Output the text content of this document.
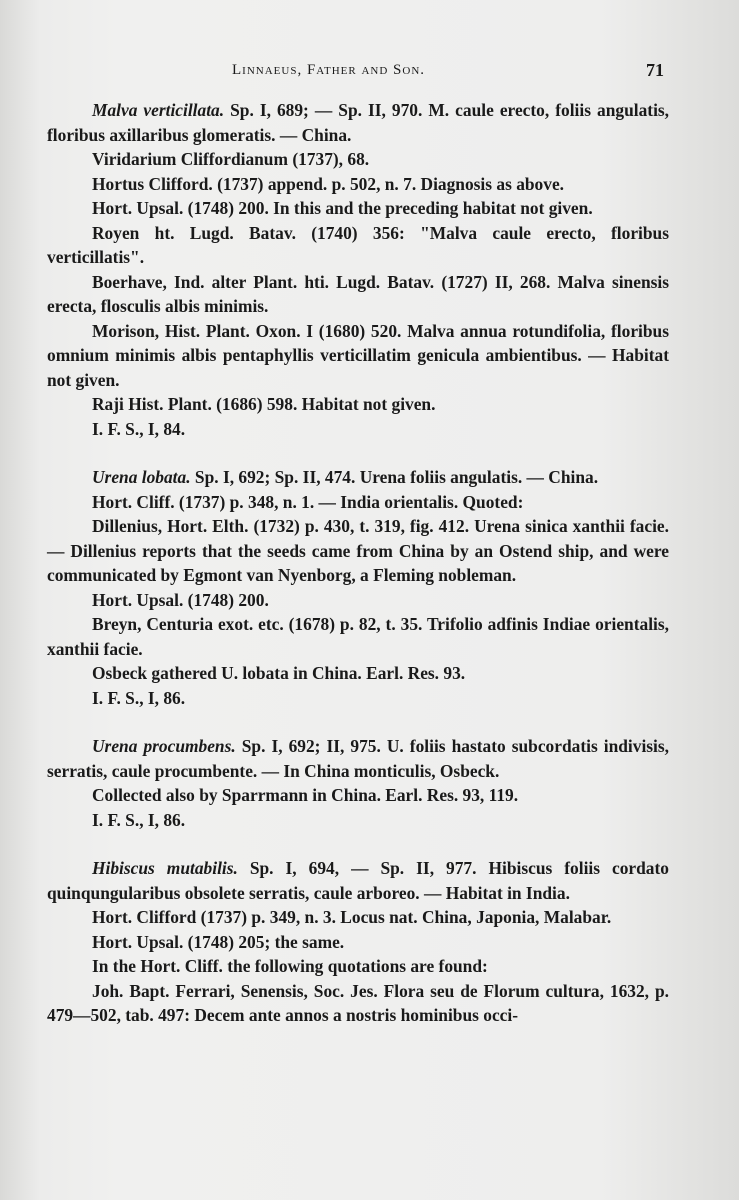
Linnaeus, Father and Son.	71

Malva verticillata. Sp. I, 689; — Sp. II, 970. M. caule erecto, foliis angulatis, floribus axillaribus glomeratis. — China.

Viridarium Cliffordianum (1737), 68.

Hortus Clifford. (1737) append. p. 502, n. 7. Diagnosis as above.

Hort. Upsal. (1748) 200. In this and the preceding habitat not given.

Royen ht. Lugd. Batav. (1740) 356: "Malva caule erecto, floribus verticillatis".

Boerhave, Ind. alter Plant. hti. Lugd. Batav. (1727) II, 268. Malva sinensis erecta, flosculis albis minimis.

Morison, Hist. Plant. Oxon. I (1680) 520. Malva annua rotundifolia, floribus omnium minimis albis pentaphyllis verticillatim genicula ambientibus. — Habitat not given.

Raji Hist. Plant. (1686) 598. Habitat not given.

I. F. S., I, 84.

Urena lobata. Sp. I, 692; Sp. II, 474. Urena foliis angulatis. — China.

Hort. Cliff. (1737) p. 348, n. 1. — India orientalis. Quoted:

Dillenius, Hort. Elth. (1732) p. 430, t. 319, fig. 412. Urena sinica xanthii facie. — Dillenius reports that the seeds came from China by an Ostend ship, and were communicated by Egmont van Nyenborg, a Fleming nobleman.

Hort. Upsal. (1748) 200.

Breyn, Centuria exot. etc. (1678) p. 82, t. 35. Trifolio adfinis Indiae orientalis, xanthii facie.

Osbeck gathered U. lobata in China. Earl. Res. 93.

I. F. S., I, 86.

Urena procumbens. Sp. I, 692; II, 975. U. foliis hastato subcordatis indivisis, serratis, caule procumbente. — In China monticulis, Osbeck.

Collected also by Sparrmann in China. Earl. Res. 93, 119.

I. F. S., I, 86.

Hibiscus mutabilis. Sp. I, 694, — Sp. II, 977. Hibiscus foliis cordato quinqungularibus obsolete serratis, caule arboreo. — Habitat in India.

Hort. Clifford (1737) p. 349, n. 3. Locus nat. China, Japonia, Malabar.

Hort. Upsal. (1748) 205; the same.

In the Hort. Cliff. the following quotations are found:

Joh. Bapt. Ferrari, Senensis, Soc. Jes. Flora seu de Florum cultura, 1632, p. 479—502, tab. 497: Decem ante annos a nostris hominibus occi-
